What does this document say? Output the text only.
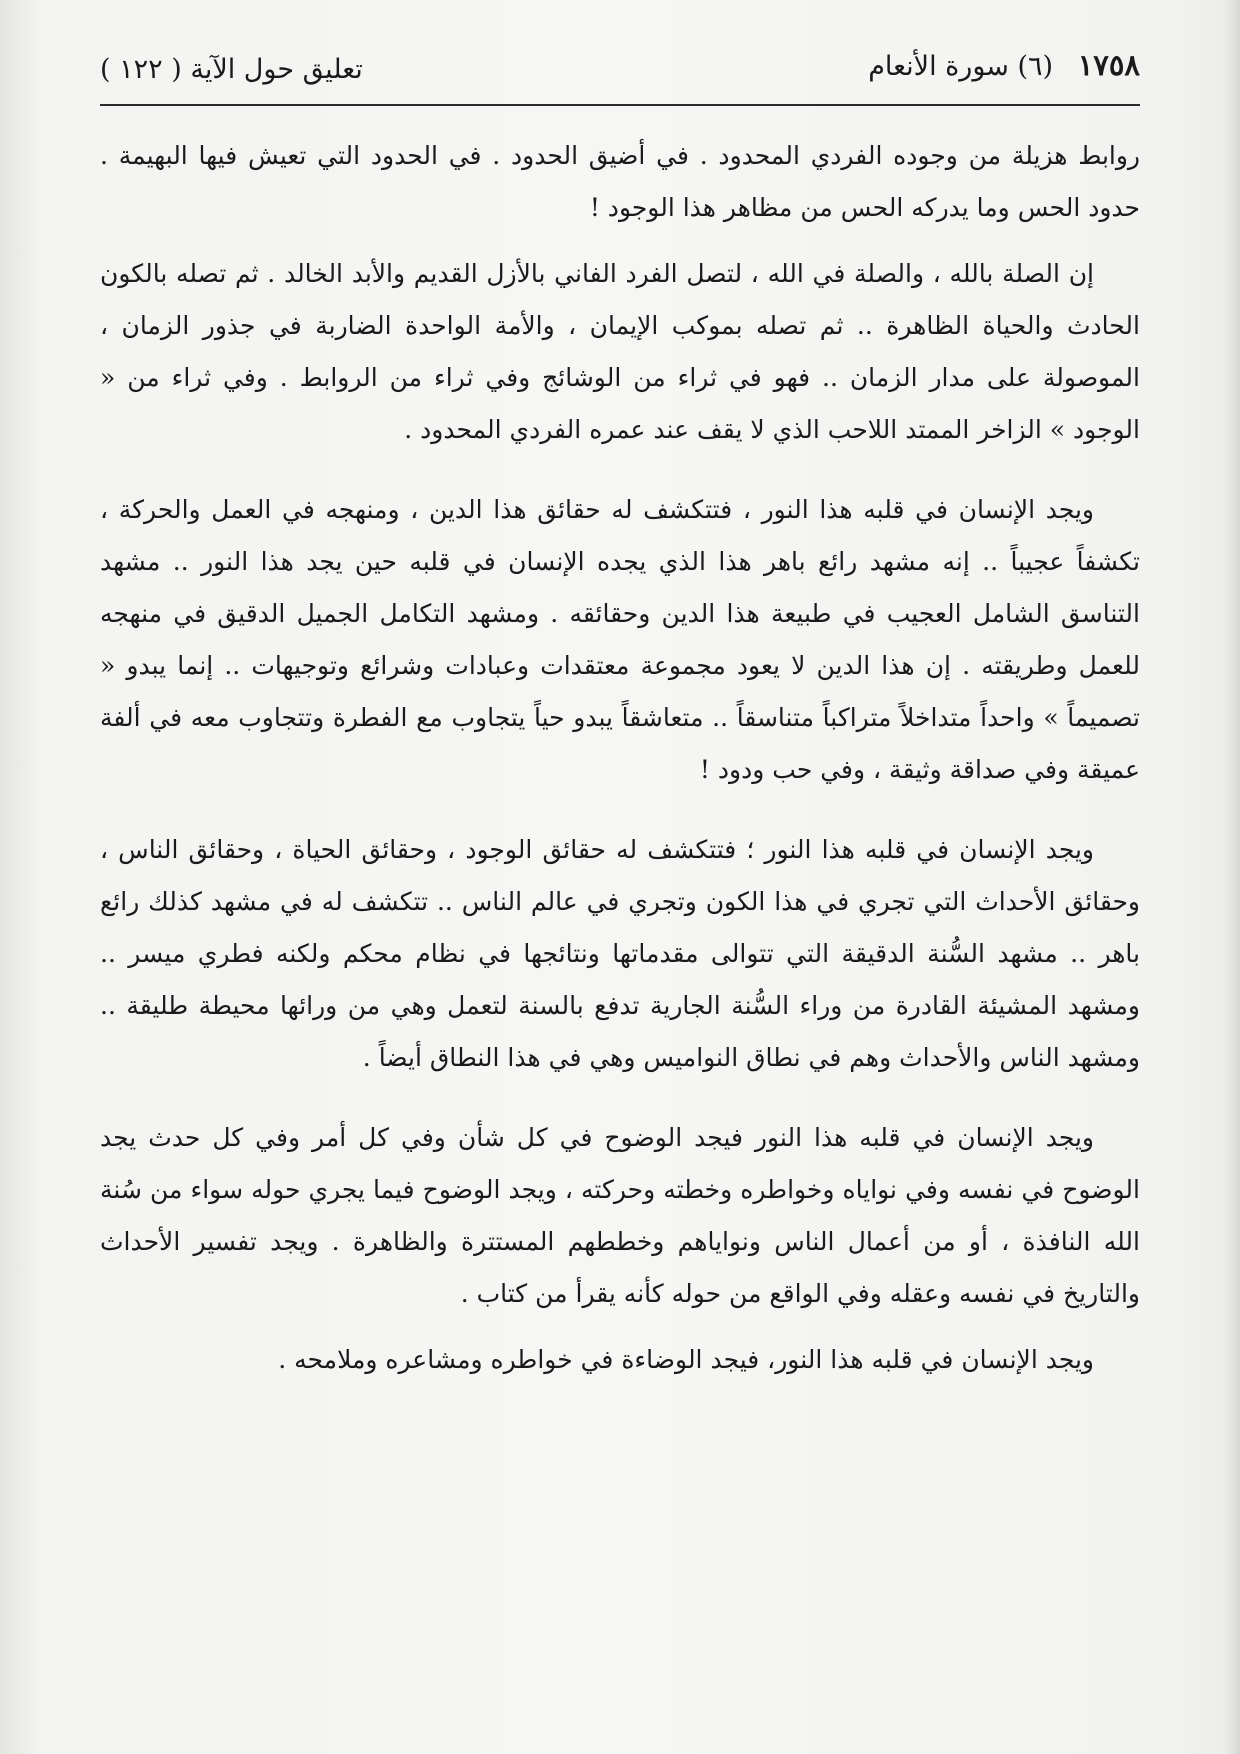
١٧٥٨ (٦) سورة الأنعام
تعليق حول الآية ( ١٢٢ )

روابط هزيلة من وجوده الفردي المحدود . في أضيق الحدود . في الحدود التي تعيش فيها البهيمة . حدود الحس وما يدركه الحس من مظاهر هذا الوجود !

إن الصلة بالله ، والصلة في الله ، لتصل الفرد الفاني بالأزل القديم والأبد الخالد . ثم تصله بالكون الحادث والحياة الظاهرة .. ثم تصله بموكب الإيمان ، والأمة الواحدة الضاربة في جذور الزمان ، الموصولة على مدار الزمان .. فهو في ثراء من الوشائج وفي ثراء من الروابط . وفي ثراء من « الوجود » الزاخر الممتد اللاحب الذي لا يقف عند عمره الفردي المحدود .

ويجد الإنسان في قلبه هذا النور ، فتتكشف له حقائق هذا الدين ، ومنهجه في العمل والحركة ، تكشفاً عجيباً .. إنه مشهد رائع باهر هذا الذي يجده الإنسان في قلبه حين يجد هذا النور .. مشهد التناسق الشامل العجيب في طبيعة هذا الدين وحقائقه . ومشهد التكامل الجميل الدقيق في منهجه للعمل وطريقته . إن هذا الدين لا يعود مجموعة معتقدات وعبادات وشرائع وتوجيهات .. إنما يبدو « تصميماً » واحداً متداخلاً متراكباً متناسقاً .. متعاشقاً يبدو حياً يتجاوب مع الفطرة وتتجاوب معه في ألفة عميقة وفي صداقة وثيقة ، وفي حب ودود !

ويجد الإنسان في قلبه هذا النور ؛ فتتكشف له حقائق الوجود ، وحقائق الحياة ، وحقائق الناس ، وحقائق الأحداث التي تجري في هذا الكون وتجري في عالم الناس .. تتكشف له في مشهد كذلك رائع باهر .. مشهد السُّنة الدقيقة التي تتوالى مقدماتها ونتائجها في نظام محكم ولكنه فطري ميسر .. ومشهد المشيئة القادرة من وراء السُّنة الجارية تدفع بالسنة لتعمل وهي من ورائها محيطة طليقة .. ومشهد الناس والأحداث وهم في نطاق النواميس وهي في هذا النطاق أيضاً .

ويجد الإنسان في قلبه هذا النور فيجد الوضوح في كل شأن وفي كل أمر وفي كل حدث يجد الوضوح في نفسه وفي نواياه وخواطره وخطته وحركته ، ويجد الوضوح فيما يجري حوله سواء من سُنة الله النافذة ، أو من أعمال الناس ونواياهم وخططهم المستترة والظاهرة . ويجد تفسير الأحداث والتاريخ في نفسه وعقله وفي الواقع من حوله كأنه يقرأ من كتاب .

ويجد الإنسان في قلبه هذا النور، فيجد الوضاءة في خواطره ومشاعره وملامحه .
